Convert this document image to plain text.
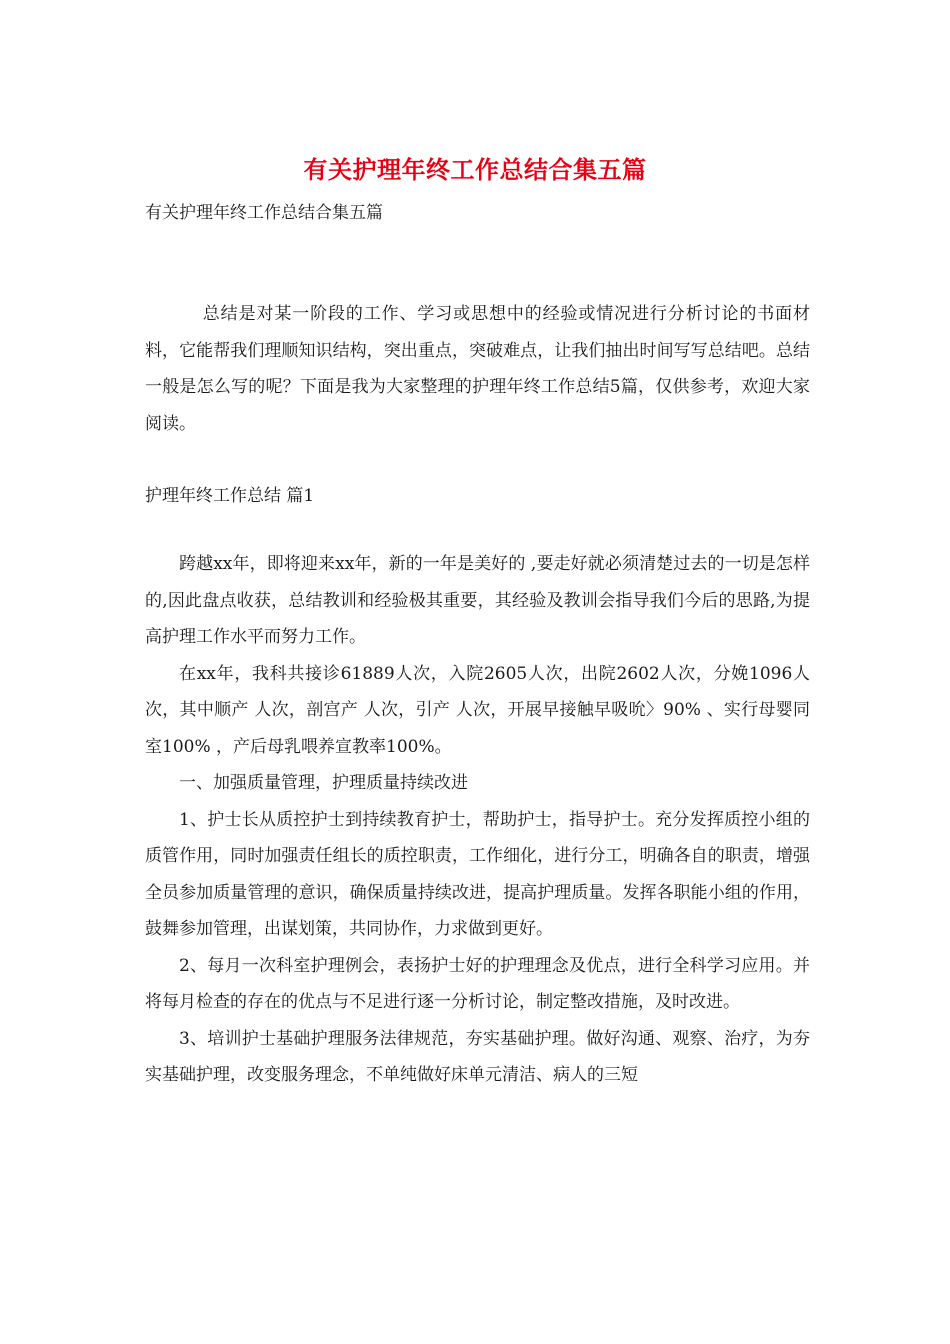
有关护理年终工作总结合集五篇
有关护理年终工作总结合集五篇

总结是对某一阶段的工作、学习或思想中的经验或情况进行分析讨论的书面材料，它能帮我们理顺知识结构，突出重点，突破难点，让我们抽出时间写写总结吧。总结一般是怎么写的呢？下面是我为大家整理的护理年终工作总结5篇，仅供参考，欢迎大家阅读。

护理年终工作总结 篇1

跨越xx年，即将迎来xx年，新的一年是美好的 ,要走好就必须清楚过去的一切是怎样的,因此盘点收获，总结教训和经验极其重要，其经验及教训会指导我们今后的思路,为提高护理工作水平而努力工作。

在xx年，我科共接诊61889人次，入院2605人次，出院2602人次，分娩1096人次，其中顺产 人次，剖宫产 人次，引产 人次，开展早接触早吸吮〉90% 、实行母婴同室100% ，产后母乳喂养宣教率100%。

一、加强质量管理，护理质量持续改进

1、护士长从质控护士到持续教育护士，帮助护士，指导护士。充分发挥质控小组的质管作用，同时加强责任组长的质控职责，工作细化，进行分工，明确各自的职责，增强全员参加质量管理的意识，确保质量持续改进，提高护理质量。发挥各职能小组的作用，鼓舞参加管理，出谋划策，共同协作，力求做到更好。

2、每月一次科室护理例会，表扬护士好的护理理念及优点，进行全科学习应用。并将每月检查的存在的优点与不足进行逐一分析讨论，制定整改措施，及时改进。

3、培训护士基础护理服务法律规范，夯实基础护理。做好沟通、观察、治疗，为夯实基础护理，改变服务理念，不单纯做好床单元清洁、病人的三短
